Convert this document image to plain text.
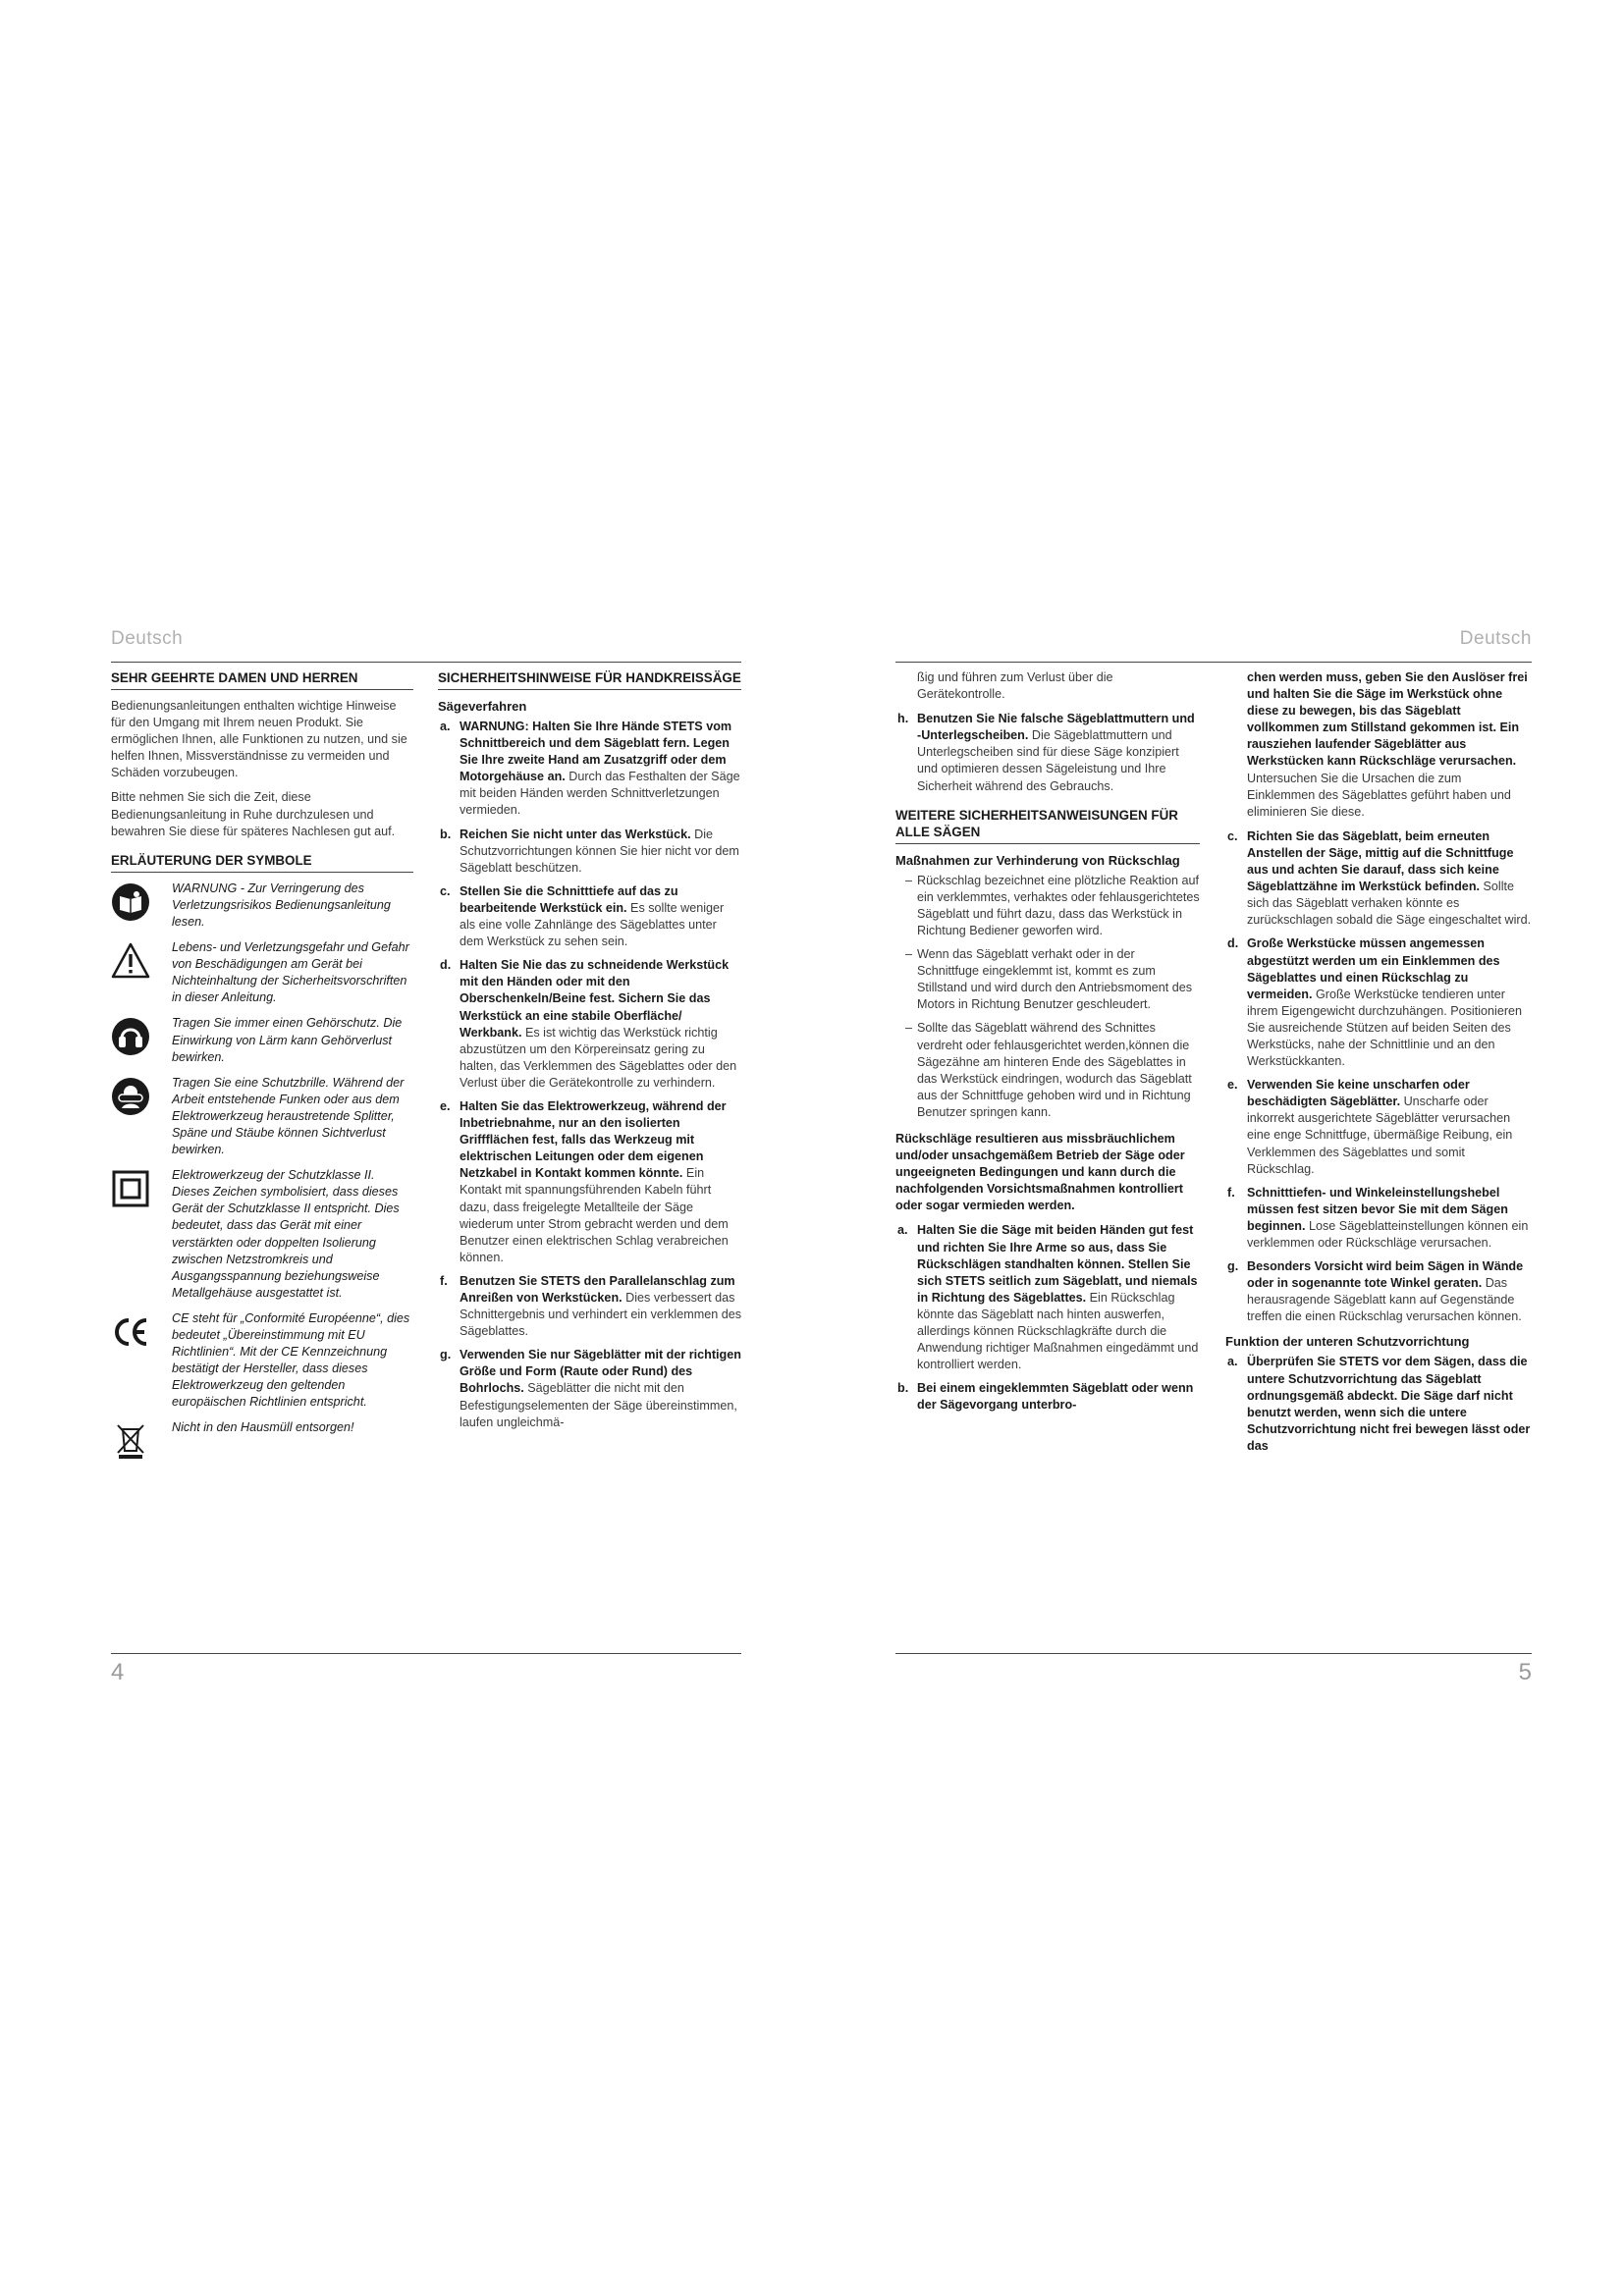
Deutsch
SEHR GEEHRTE DAMEN UND HERREN

Bedienungsanleitungen enthalten wichtige Hinweise für den Umgang mit Ihrem neuen Produkt. Sie ermöglichen Ihnen, alle Funktionen zu nutzen, und sie helfen Ihnen, Missverständnisse zu vermeiden und Schäden vorzubeugen.

Bitte nehmen Sie sich die Zeit, diese Bedienungsanleitung in Ruhe durchzulesen und bewahren Sie diese für späteres Nachlesen gut auf.

ERLÄUTERUNG DER SYMBOLE
WARNUNG - Zur Verringerung des Verletzungsrisikos Bedienungsanleitung lesen.
Lebens- und Verletzungsgefahr und Gefahr von Beschädigungen am Gerät bei Nichteinhaltung der Sicherheitsvorschriften in dieser Anleitung.
Tragen Sie immer einen Gehörschutz. Die Einwirkung von Lärm kann Gehörverlust bewirken.
Tragen Sie eine Schutzbrille. Während der Arbeit entstehende Funken oder aus dem Elektrowerkzeug heraustretende Splitter, Späne und Stäube können Sichtverlust bewirken.
Elektrowerkzeug der Schutzklasse II. Dieses Zeichen symbolisiert, dass dieses Gerät der Schutzklasse II entspricht. Dies bedeutet, dass das Gerät mit einer verstärkten oder doppelten Isolierung zwischen Netzstromkreis und Ausgangsspannung beziehungsweise Metallgehäuse ausgestattet ist.
CE steht für „Conformité Européenne“, dies bedeutet „Übereinstimmung mit EU Richtlinien“. Mit der CE Kennzeichnung bestätigt der Hersteller, dass dieses Elektrowerkzeug den geltenden europäischen Richtlinien entspricht.
Nicht in den Hausmüll entsorgen!
SICHERHEITSHINWEISE FÜR HANDKREISSÄGE
Sägeverfahren
a. WARNUNG: Halten Sie Ihre Hände STETS vom Schnittbereich und dem Sägeblatt fern. Legen Sie Ihre zweite Hand am Zusatzgriff oder dem Motorgehäuse an. Durch das Festhalten der Säge mit beiden Händen werden Schnittverletzungen vermieden.
b. Reichen Sie nicht unter das Werkstück. Die Schutzvorrichtungen können Sie hier nicht vor dem Sägeblatt beschützen.
c. Stellen Sie die Schnitttiefe auf das zu bearbeitende Werkstück ein. Es sollte weniger als eine volle Zahnlänge des Sägeblattes unter dem Werkstück zu sehen sein.
d. Halten Sie Nie das zu schneidende Werkstück mit den Händen oder mit den Oberschenkeln/Beine fest. Sichern Sie das Werkstück an eine stabile Oberfläche/ Werkbank. Es ist wichtig das Werkstück richtig abzustützen um den Körpereinsatz gering zu halten, das Verklemmen des Sägeblattes oder den Verlust über die Gerätekontrolle zu verhindern.
e. Halten Sie das Elektrowerkzeug, während der Inbetriebnahme, nur an den isolierten Griffflächen fest, falls das Werkzeug mit elektrischen Leitungen oder dem eigenen Netzkabel in Kontakt kommen könnte. Ein Kontakt mit spannungsführenden Kabeln führt dazu, dass freigelegte Metallteile der Säge wiederum unter Strom gebracht werden und dem Benutzer einen elektrischen Schlag verabreichen können.
f. Benutzen Sie STETS den Parallelanschlag zum Anreißen von Werkstücken. Dies verbessert das Schnittergebnis und verhindert ein verklemmen des Sägeblattes.
g. Verwenden Sie nur Sägeblätter mit der richtigen Größe und Form (Raute oder Rund) des Bohrlochs. Sägeblätter die nicht mit den Befestigungselementen der Säge übereinstimmen, laufen ungleichmä-
4
Deutsch

ßig und führen zum Verlust über die Gerätekontrolle.

h. Benutzen Sie Nie falsche Sägeblattmuttern und -Unterlegscheiben. Die Sägeblattmuttern und Unterlegscheiben sind für diese Säge konzipiert und optimieren dessen Sägeleistung und Ihre Sicherheit während des Gebrauchs.
WEITERE SICHERHEITSANWEISUNGEN FÜR ALLE SÄGEN
Maßnahmen zur Verhinderung von Rückschlag
– Rückschlag bezeichnet eine plötzliche Reaktion auf ein verklemmtes, verhaktes oder fehlausgerichtetes Sägeblatt und führt dazu, dass das Werkstück in Richtung Bediener geworfen wird.
– Wenn das Sägeblatt verhakt oder in der Schnittfuge eingeklemmt ist, kommt es zum Stillstand und wird durch den Antriebsmoment des Motors in Richtung Benutzer geschleudert.
– Sollte das Sägeblatt während des Schnittes verdreht oder fehlausgerichtet werden,können die Sägezähne am hinteren Ende des Sägeblattes in das Werkstück eindringen, wodurch das Sägeblatt aus der Schnittfuge gehoben wird und in Richtung Benutzer springen kann.

Rückschläge resultieren aus missbräuchlichem und/oder unsachgemäßem Betrieb der Säge oder ungeeigneten Bedingungen und kann durch die nachfolgenden Vorsichtsmaßnahmen kontrolliert oder sogar vermieden werden.

a. Halten Sie die Säge mit beiden Händen gut fest und richten Sie Ihre Arme so aus, dass Sie Rückschlägen standhalten können. Stellen Sie sich STETS seitlich zum Sägeblatt, und niemals in Richtung des Sägeblattes. Ein Rückschlag könnte das Sägeblatt nach hinten auswerfen, allerdings können Rückschlagkräfte durch die Anwendung richtiger Maßnahmen eingedämmt und kontrolliert werden.
b. Bei einem eingeklemmten Sägeblatt oder wenn der Sägevorgang unterbro-

chen werden muss, geben Sie den Auslöser frei und halten Sie die Säge im Werkstück ohne diese zu bewegen, bis das Sägeblatt vollkommen zum Stillstand gekommen ist. Ein rausziehen laufender Sägeblätter aus Werkstücken kann Rückschläge verursachen. Untersuchen Sie die Ursachen die zum Einklemmen des Sägeblattes geführt haben und eliminieren Sie diese.

c. Richten Sie das Sägeblatt, beim erneuten Anstellen der Säge, mittig auf die Schnittfuge aus und achten Sie darauf, dass sich keine Sägeblattzähne im Werkstück befinden. Sollte sich das Sägeblatt verhaken könnte es zurückschlagen sobald die Säge eingeschaltet wird.
d. Große Werkstücke müssen angemessen abgestützt werden um ein Einklemmen des Sägeblattes und einen Rückschlag zu vermeiden. Große Werkstücke tendieren unter ihrem Eigengewicht durchzuhängen. Positionieren Sie ausreichende Stützen auf beiden Seiten des Werkstücks, nahe der Schnittlinie und an den Werkstückkanten.
e. Verwenden Sie keine unscharfen oder beschädigten Sägeblätter. Unscharfe oder inkorrekt ausgerichtete Sägeblätter verursachen eine enge Schnittfuge, übermäßige Reibung, ein Verklemmen des Sägeblattes und somit Rückschlag.
f. Schnitttiefen- und Winkeleinstellungshebel müssen fest sitzen bevor Sie mit dem Sägen beginnen. Lose Sägeblatteinstellungen können ein verklemmen oder Rückschläge verursachen.
g. Besonders Vorsicht wird beim Sägen in Wände oder in sogenannte tote Winkel geraten. Das herausragende Sägeblatt kann auf Gegenstände treffen die einen Rückschlag verursachen können.
Funktion der unteren Schutzvorrichtung
a. Überprüfen Sie STETS vor dem Sägen, dass die untere Schutzvorrichtung das Sägeblatt ordnungsgemäß abdeckt. Die Säge darf nicht benutzt werden, wenn sich die untere Schutzvorrichtung nicht frei bewegen lässt oder das
5
